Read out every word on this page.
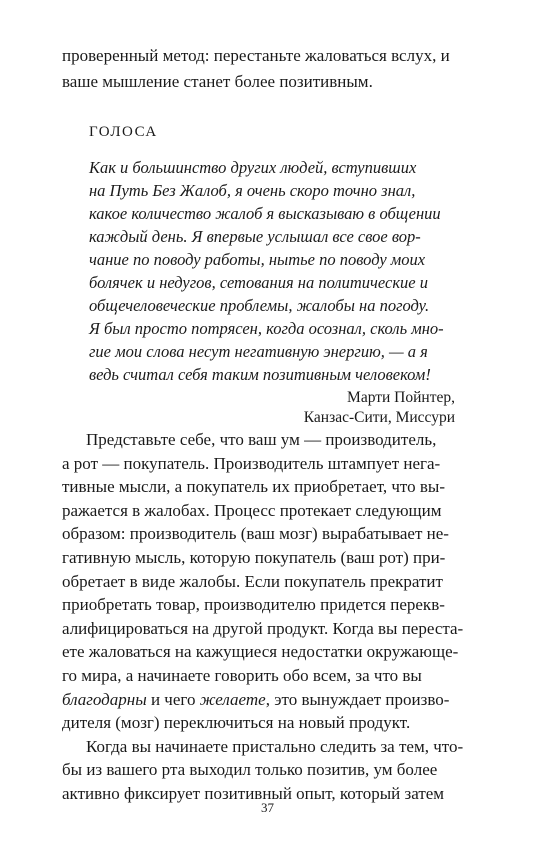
проверенный метод: перестаньте жаловаться вслух, и
ваше мышление станет более позитивным.
ГОЛОСА
Как и большинство других людей, вступивших
на Путь Без Жалоб, я очень скоро точно знал,
какое количество жалоб я высказываю в общении
каждый день. Я впервые услышал все свое вор-
чание по поводу работы, нытье по поводу моих
болячек и недугов, сетования на политические и
общечеловеческие проблемы, жалобы на погоду.
Я был просто потрясен, когда осознал, сколь мно-
гие мои слова несут негативную энергию, — а я
ведь считал себя таким позитивным человеком!
Марти Пойнтер,
Канзас-Сити, Миссури
Представьте себе, что ваш ум — производитель,
а рот — покупатель. Производитель штампует нега-
тивные мысли, а покупатель их приобретает, что вы-
ражается в жалобах. Процесс протекает следующим
образом: производитель (ваш мозг) вырабатывает не-
гативную мысль, которую покупатель (ваш рот) при-
обретает в виде жалобы. Если покупатель прекратит
приобретать товар, производителю придется перекв-
алифицироваться на другой продукт. Когда вы переста-
ете жаловаться на кажущиеся недостатки окружающе-
го мира, а начинаете говорить обо всем, за что вы
благодарны и чего желаете, это вынуждает произво-
дителя (мозг) переключиться на новый продукт.
Когда вы начинаете пристально следить за тем, что-
бы из вашего рта выходил только позитив, ум более
активно фиксирует позитивный опыт, который затем
37
